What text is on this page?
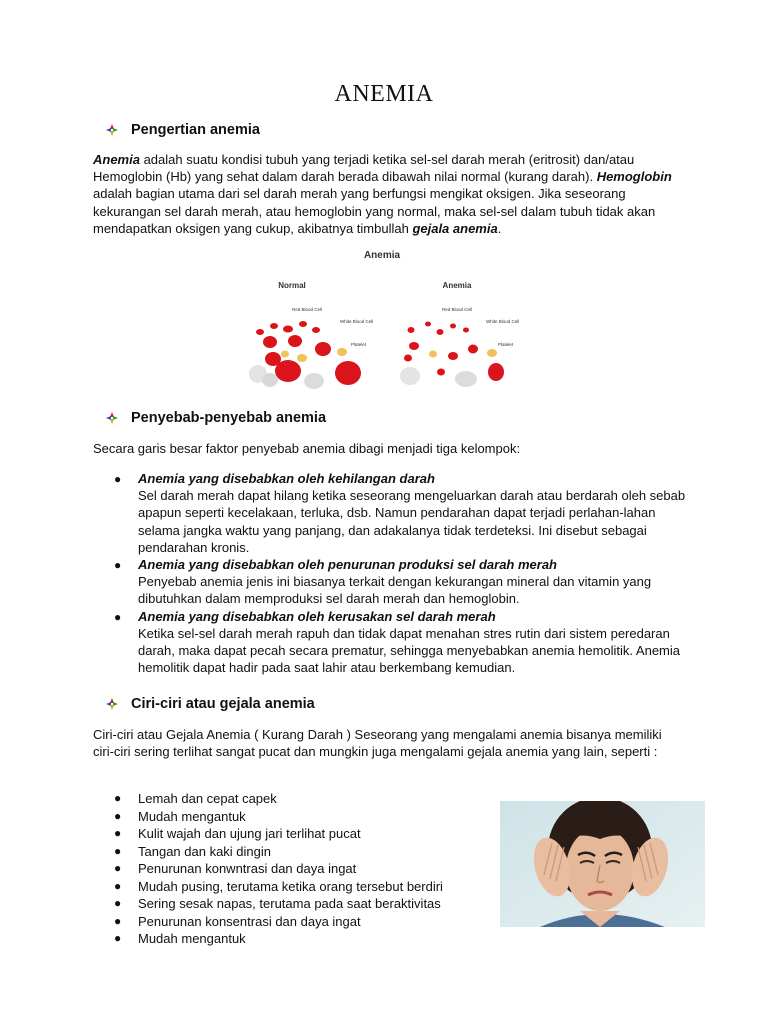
ANEMIA
Pengertian anemia
Anemia adalah suatu kondisi tubuh yang terjadi ketika sel-sel darah merah (eritrosit) dan/atau Hemoglobin (Hb) yang sehat dalam darah berada dibawah nilai normal (kurang darah). Hemoglobin adalah bagian utama dari sel darah merah yang berfungsi mengikat oksigen. Jika seseorang kekurangan sel darah merah, atau hemoglobin yang normal, maka sel-sel dalam tubuh tidak akan mendapatkan oksigen yang cukup, akibatnya timbullah gejala anemia.
Anemia
Normal	Anemia
Red Blood Cell
White Blood Cell
Platelet
Red Blood Cell
White Blood Cell
Platelet
Penyebab-penyebab anemia
Secara garis besar faktor penyebab anemia dibagi menjadi tiga kelompok:
● Anemia yang disebabkan oleh kehilangan darah
Sel darah merah dapat hilang ketika seseorang mengeluarkan darah atau berdarah oleh sebab apapun seperti kecelakaan, terluka, dsb. Namun pendarahan dapat terjadi perlahan-lahan selama jangka waktu yang panjang, dan adakalanya tidak terdeteksi. Ini disebut sebagai pendarahan kronis.
● Anemia yang disebabkan oleh penurunan produksi sel darah merah
Penyebab anemia jenis ini biasanya terkait dengan kekurangan mineral dan vitamin yang dibutuhkan dalam memproduksi sel darah merah dan hemoglobin.
● Anemia yang disebabkan oleh kerusakan sel darah merah
Ketika sel-sel darah merah rapuh dan tidak dapat menahan stres rutin dari sistem peredaran darah, maka dapat pecah secara prematur, sehingga menyebabkan anemia hemolitik. Anemia hemolitik dapat hadir pada saat lahir atau berkembang kemudian.
Ciri-ciri atau gejala anemia
Ciri-ciri atau Gejala Anemia ( Kurang Darah ) Seseorang yang mengalami anemia bisanya memiliki ciri-ciri sering terlihat sangat pucat dan mungkin juga mengalami gejala anemia yang lain, seperti :
● Lemah dan cepat capek
● Mudah mengantuk
● Kulit wajah dan ujung jari terlihat pucat
● Tangan dan kaki dingin
● Penurunan konwntrasi dan daya ingat
● Mudah pusing, terutama ketika orang tersebut berdiri
● Sering sesak napas, terutama pada saat beraktivitas
● Penurunan konsentrasi dan daya ingat
● Mudah mengantuk
